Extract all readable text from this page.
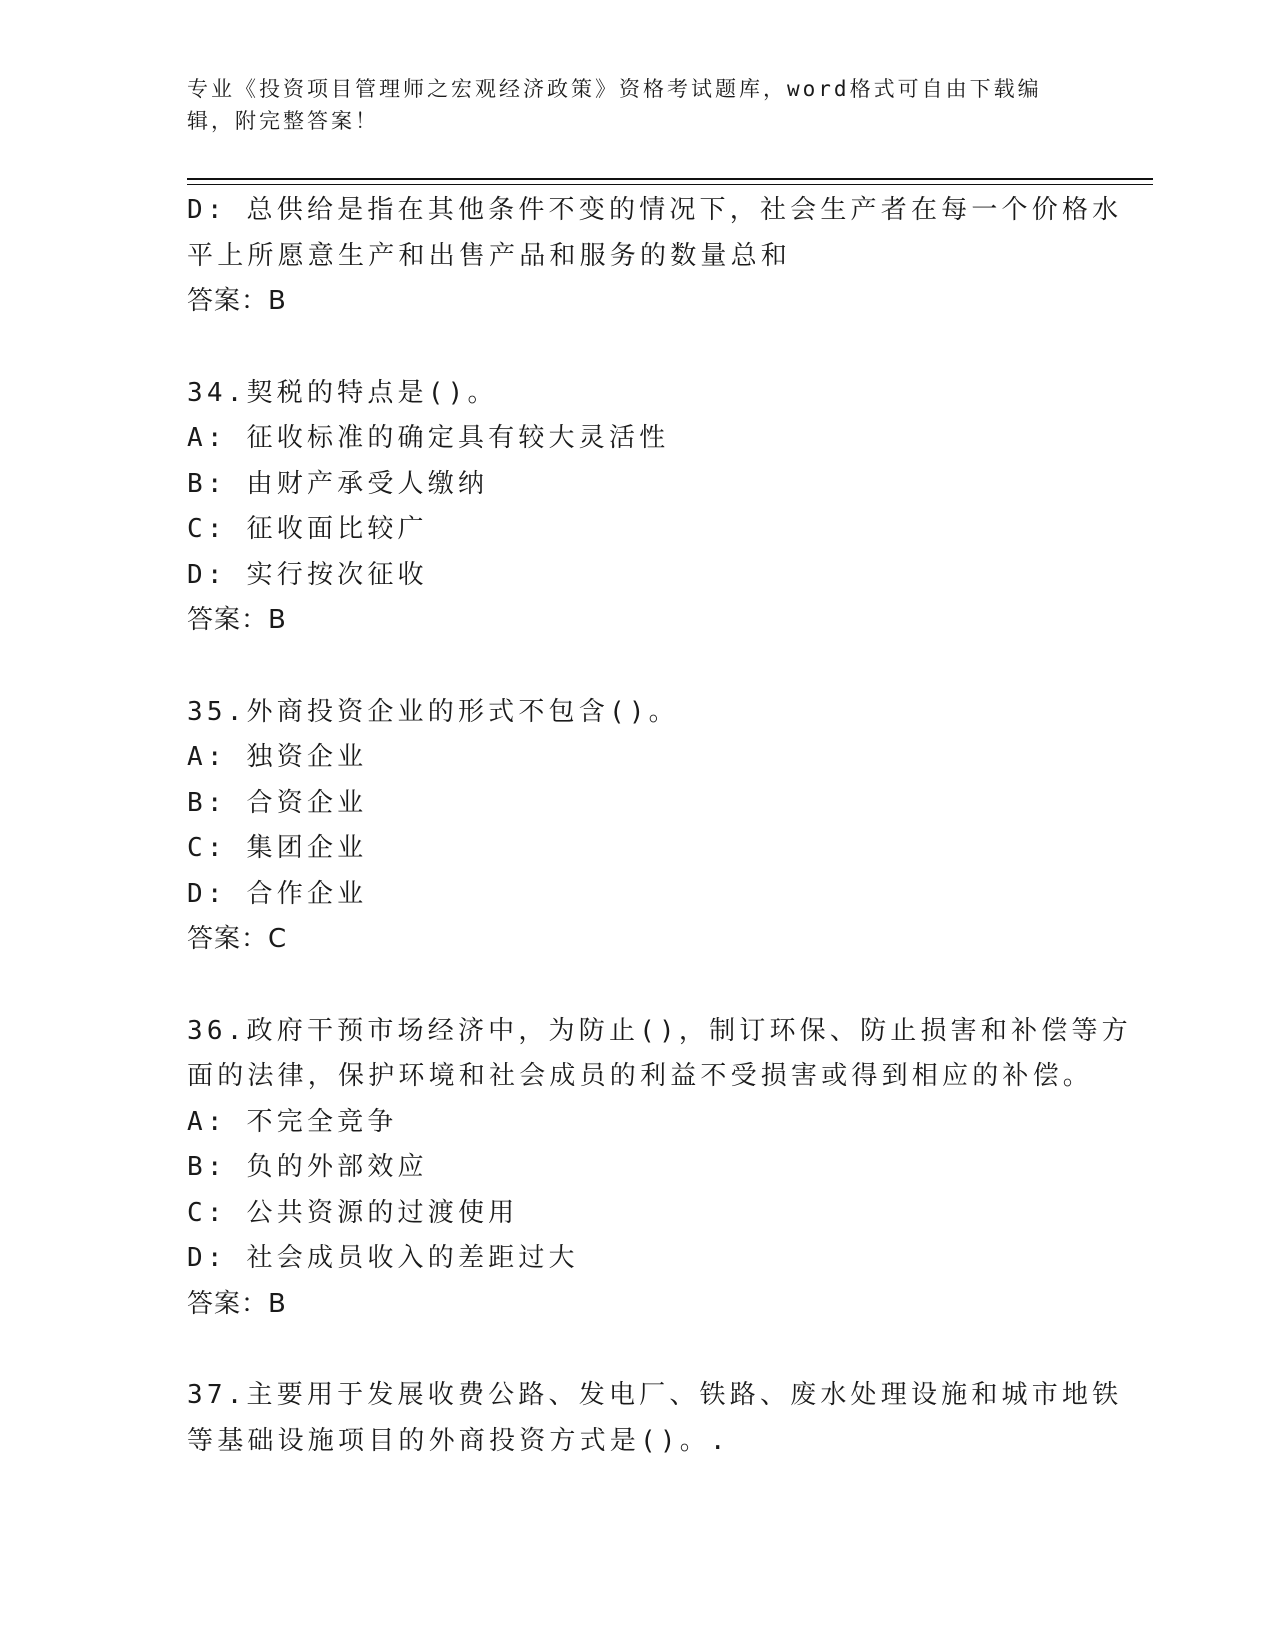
专业《投资项目管理师之宏观经济政策》资格考试题库，word格式可自由下载编
辑，附完整答案！
D: 总供给是指在其他条件不变的情况下，社会生产者在每一个价格水
平上所愿意生产和出售产品和服务的数量总和
答案：B
34.契税的特点是()。
A: 征收标准的确定具有较大灵活性
B: 由财产承受人缴纳
C: 征收面比较广
D: 实行按次征收
答案：B
35.外商投资企业的形式不包含()。
A: 独资企业
B: 合资企业
C: 集团企业
D: 合作企业
答案：C
36.政府干预市场经济中，为防止()，制订环保、防止损害和补偿等方
面的法律，保护环境和社会成员的利益不受损害或得到相应的补偿。
A: 不完全竞争
B: 负的外部效应
C: 公共资源的过渡使用
D: 社会成员收入的差距过大
答案：B
37.主要用于发展收费公路、发电厂、铁路、废水处理设施和城市地铁
等基础设施项目的外商投资方式是()。.
